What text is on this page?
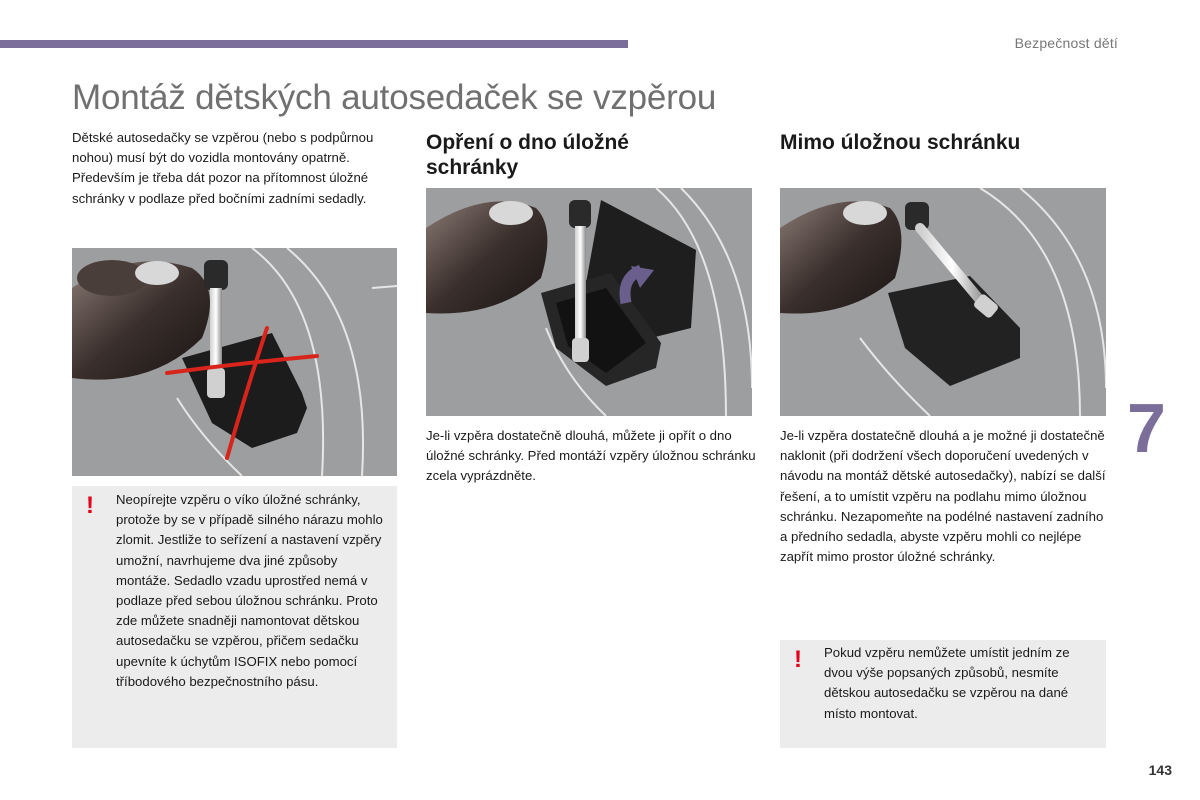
Bezpečnost dětí
Montáž dětských autosedaček se vzpěrou

Dětské autosedačky se vzpěrou (nebo s podpůrnou nohou) musí být do vozidla montovány opatrně. Především je třeba dát pozor na přítomnost úložné schránky v podlaze před bočními zadními sedadly.

! Neopírejte vzpěru o víko úložné schránky, protože by se v případě silného nárazu mohlo zlomit. Jestliže to seřízení a nastavení vzpěry umožní, navrhujeme dva jiné způsoby montáže. Sedadlo vzadu uprostřed nemá v podlaze před sebou úložnou schránku. Proto zde můžete snadněji namontovat dětskou autosedačku se vzpěrou, přičem sedačku upevníte k úchytům ISOFIX nebo pomocí tříbodového bezpečnostního pásu.

Opření o dno úložné schránky

Je-li vzpěra dostatečně dlouhá, můžete ji opřít o dno úložné schránky. Před montáží vzpěry úložnou schránku zcela vyprázdněte.

Mimo úložnou schránku

Je-li vzpěra dostatečně dlouhá a je možné ji dostatečně naklonit (při dodržení všech doporučení uvedených v návodu na montáž dětské autosedačky), nabízí se další řešení, a to umístit vzpěru na podlahu mimo úložnou schránku. Nezapomeňte na podélné nastavení zadního a předního sedadla, abyste vzpěru mohli co nejlépe zapřít mimo prostor úložné schránky.

! Pokud vzpěru nemůžete umístit jedním ze dvou výše popsaných způsobů, nesmíte dětskou autosedačku se vzpěrou na dané místo montovat.

7
143
